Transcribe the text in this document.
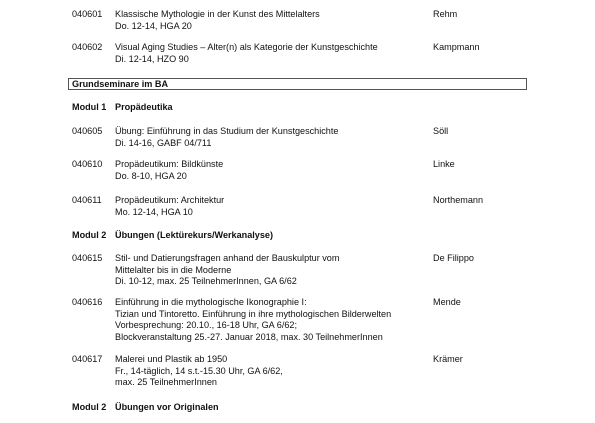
040601	Klassische Mythologie in der Kunst des Mittelalters
Do. 12-14, HGA 20
Rehm
040602	Visual Aging Studies – Alter(n) als Kategorie der Kunstgeschichte
Di. 12-14, HZO 90
Kampmann
Grundseminare im BA
Modul 1 Propädeutika
040605	Übung: Einführung in das Studium der Kunstgeschichte
Di. 14-16, GABF 04/711
Söll
040610	Propädeutikum: Bildkünste
Do. 8-10, HGA 20
Linke
040611	Propädeutikum: Architektur
Mo. 12-14, HGA 10
Northemann
Modul 2 Übungen (Lektürekurs/Werkanalyse)
040615	Stil- und Datierungsfragen anhand der Bauskulptur vom
Mittelalter bis in die Moderne
Di. 10-12, max. 25 TeilnehmerInnen, GA 6/62
De Filippo
040616	Einführung in die mythologische Ikonographie I:
Tizian und Tintoretto. Einführung in ihre mythologischen Bilderwelten
Vorbesprechung: 20.10., 16-18 Uhr, GA 6/62;
Blockveranstaltung 25.-27. Januar 2018, max. 30 TeilnehmerInnen
Mende
040617	Malerei und Plastik ab 1950
Fr., 14-täglich, 14 s.t.-15.30 Uhr, GA 6/62,
max. 25 TeilnehmerInnen
Krämer
Modul 2 Übungen vor Originalen
